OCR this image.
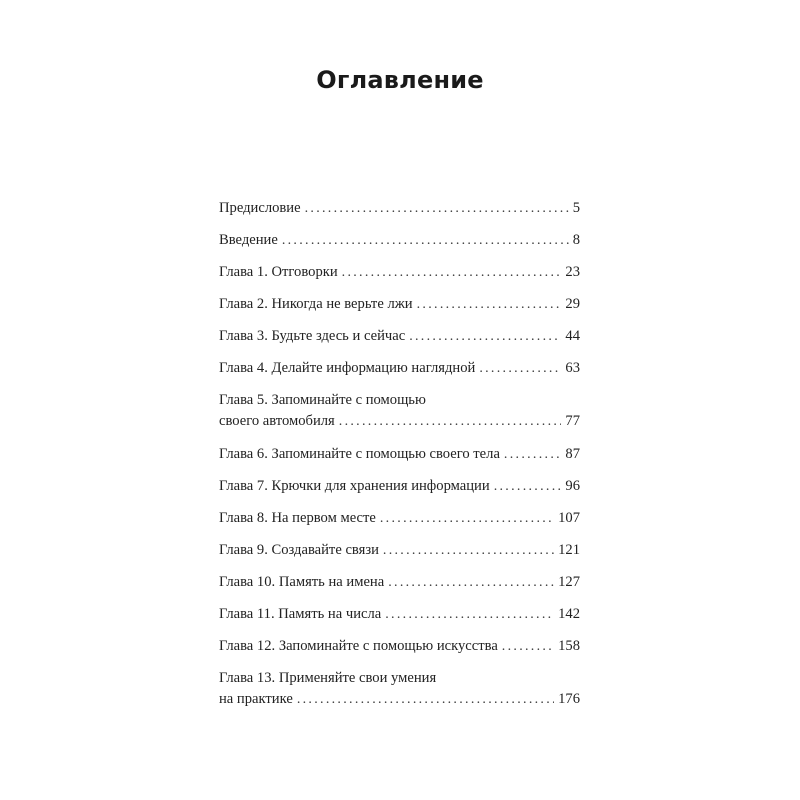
Оглавление
Предисловие . . .	5
Введение . . .	8
Глава 1. Отговорки . . .	23
Глава 2. Никогда не верьте лжи . . .	29
Глава 3. Будьте здесь и сейчас . . .	44
Глава 4. Делайте информацию наглядной . . .	63
Глава 5. Запоминайте с помощью
своего автомобиля . . .	77
Глава 6. Запоминайте с помощью своего тела . . .	87
Глава 7. Крючки для хранения информации . . .	96
Глава 8. На первом месте . . .	107
Глава 9. Создавайте связи . . .	121
Глава 10. Память на имена . . .	127
Глава 11. Память на числа . . .	142
Глава 12. Запоминайте с помощью искусства . . .	158
Глава 13. Применяйте свои умения
на практике . . .	176
